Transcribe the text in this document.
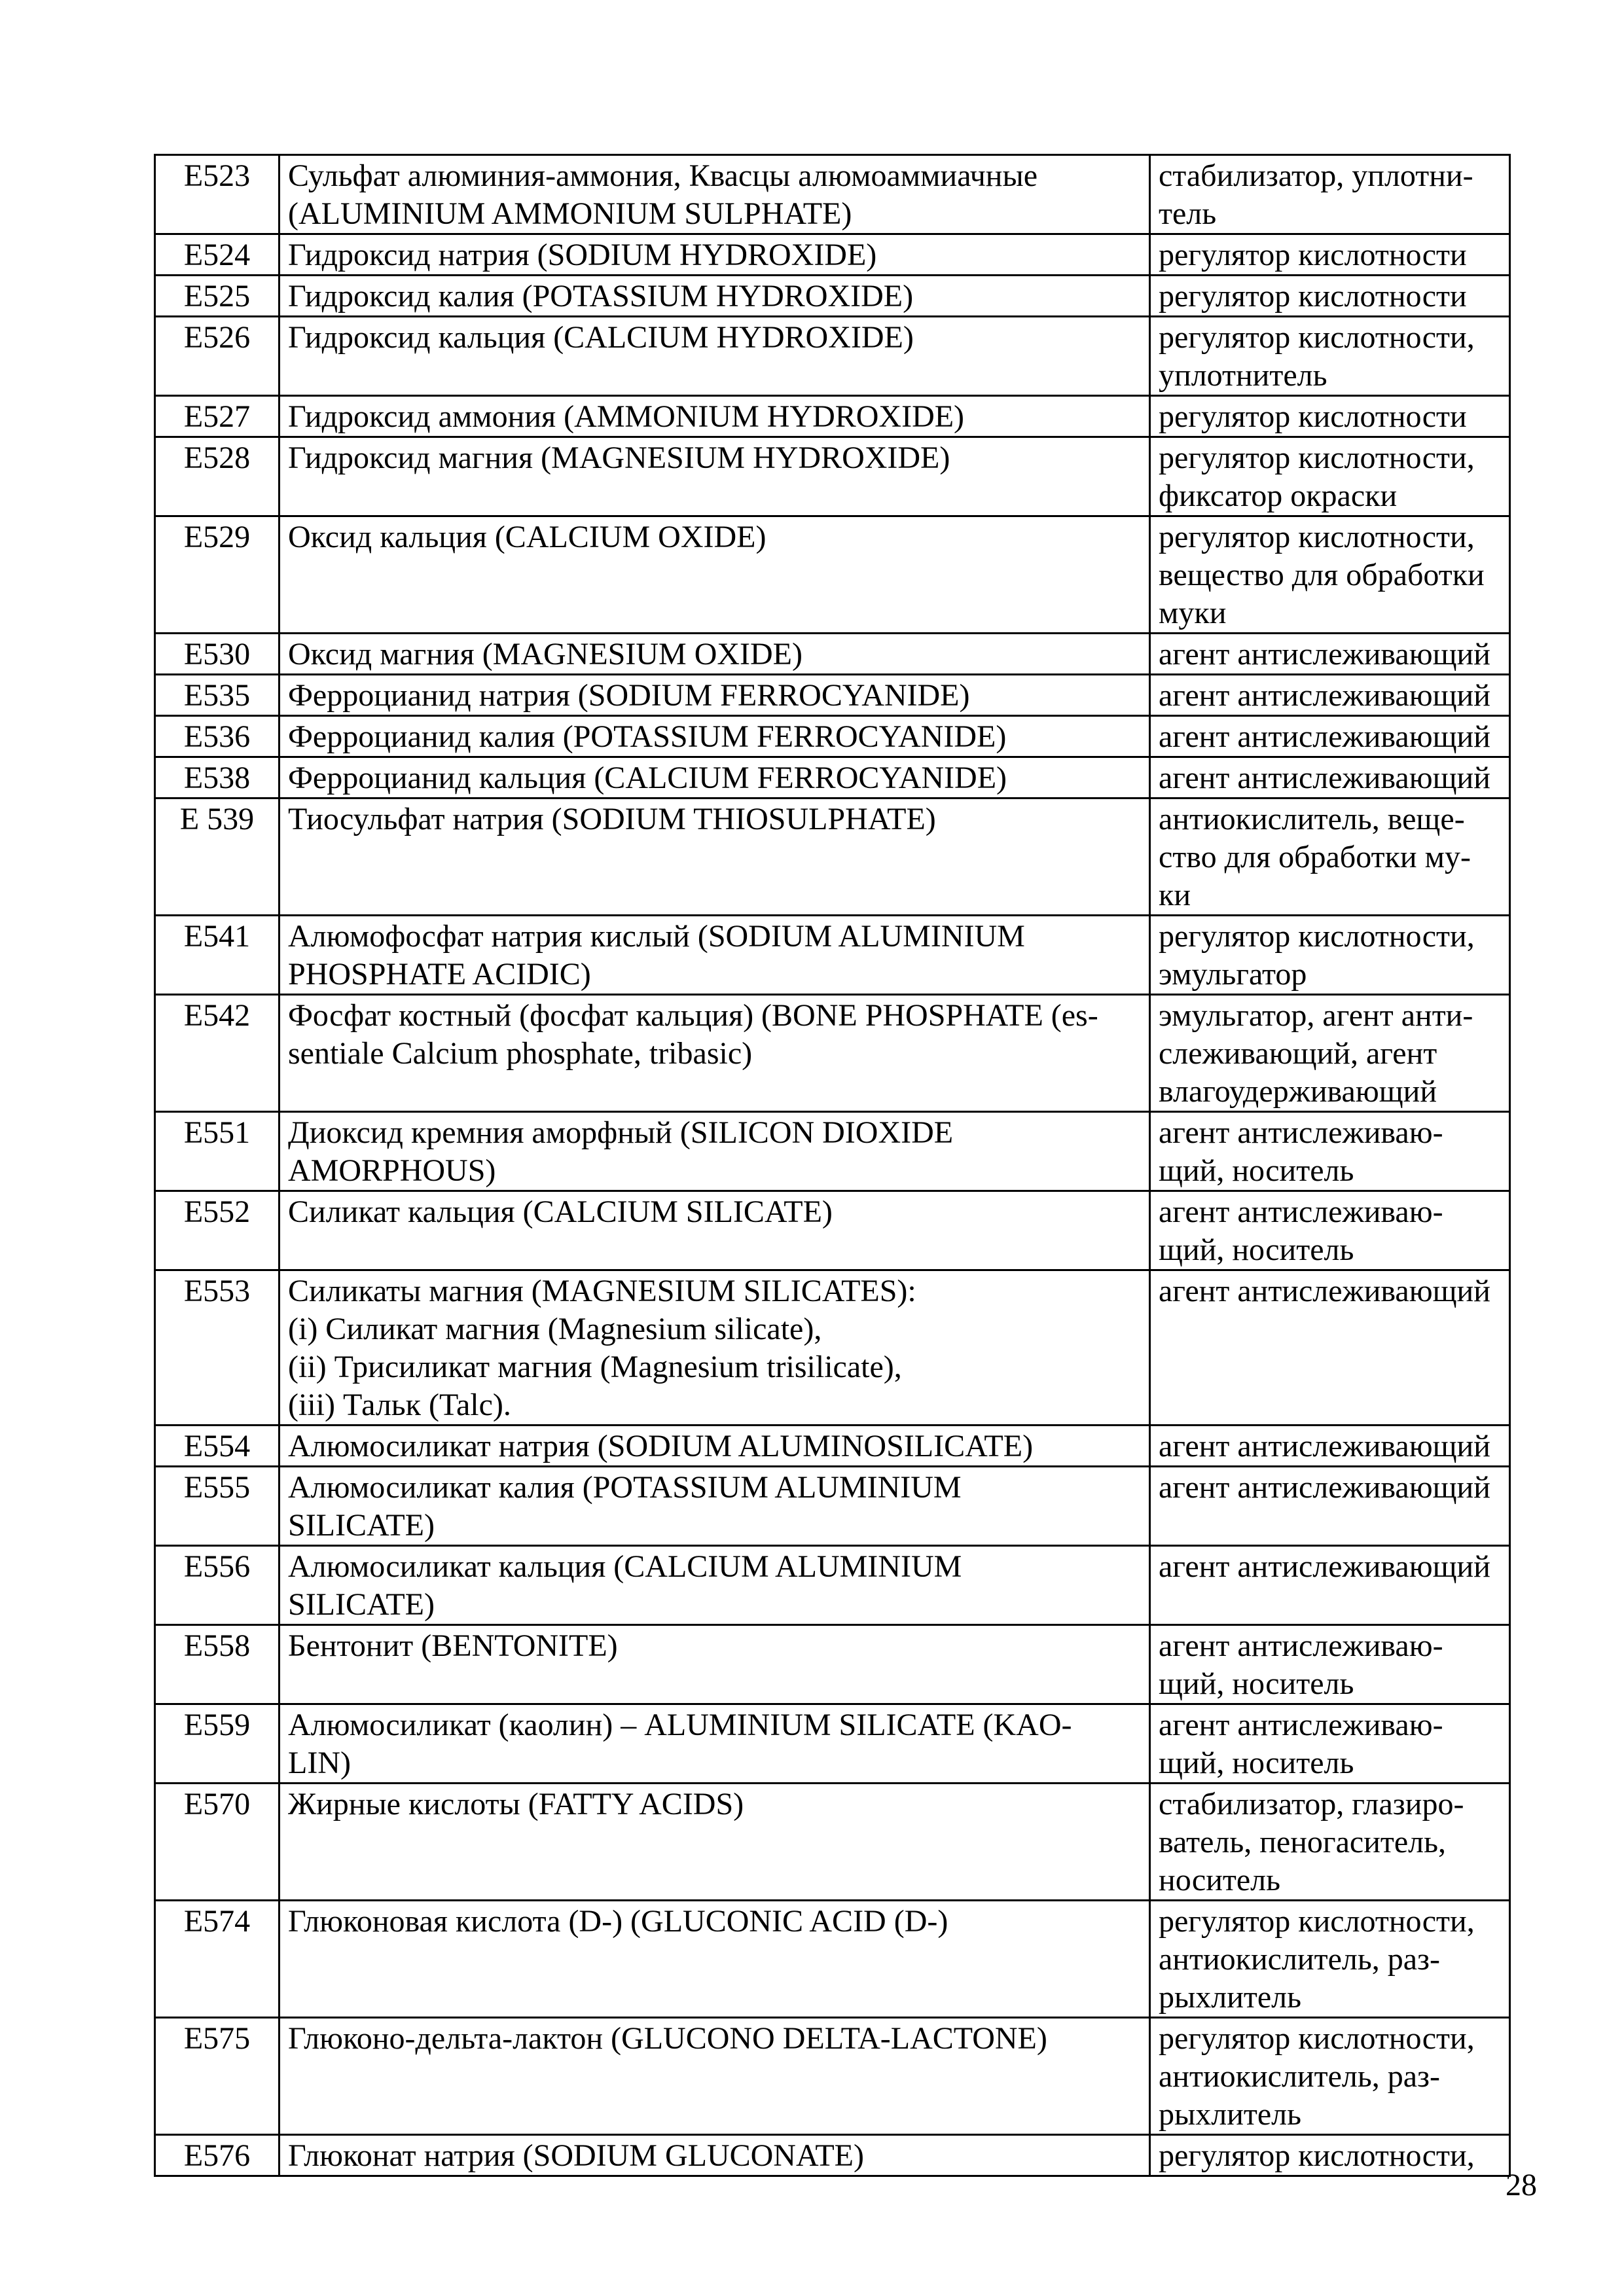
E523	Сульфат алюминия-аммония, Квасцы алюмоаммиачные
(ALUMINIUM AMMONIUM SULPHATE)	стабилизатор, уплотни-
тель
E524	Гидроксид натрия (SODIUM HYDROXIDE)	регулятор кислотности
E525	Гидроксид калия (POTASSIUM HYDROXIDE)	регулятор кислотности
E526	Гидроксид кальция (CALCIUM HYDROXIDE)	регулятор кислотности,
уплотнитель
E527	Гидроксид аммония (AMMONIUM HYDROXIDE)	регулятор кислотности
E528	Гидроксид магния (MAGNESIUM HYDROXIDE)	регулятор кислотности,
фиксатор окраски
E529	Оксид кальция (CALCIUM OXIDE)	регулятор кислотности,
вещество для обработки
муки
E530	Оксид магния (MAGNESIUM OXIDE)	агент антислеживающий
E535	Ферроцианид натрия (SODIUM FERROCYANIDE)	агент антислеживающий
E536	Ферроцианид калия (POTASSIUM FERROCYANIDE)	агент антислеживающий
E538	Ферроцианид кальция (CALCIUM FERROCYANIDE)	агент антислеживающий
E 539	Тиосульфат натрия (SODIUM THIOSULPHATE)	антиокислитель, веще-
ство для обработки му-
ки
E541	Алюмофосфат натрия кислый (SODIUM ALUMINIUM
PHOSPHATE ACIDIC)	регулятор кислотности,
эмульгатор
E542	Фосфат костный (фосфат кальция) (BONE PHOSPHATE (es-
sentiale Calcium phosphate, tribasic)	эмульгатор, агент анти-
слеживающий, агент
влагоудерживающий
E551	Диоксид кремния аморфный (SILICON DIOXIDE
AMORPHOUS)	агент антислеживаю-
щий, носитель
E552	Силикат кальция (CALCIUM SILICATE)	агент антислеживаю-
щий, носитель
E553	Силикаты магния (MAGNESIUM SILICATES):
(i) Силикат магния (Magnesium silicate),
(ii) Трисиликат магния (Magnesium trisilicate),
(iii) Тальк (Talc).	агент антислеживающий
E554	Алюмосиликат натрия (SODIUM ALUMINOSILICATE)	агент антислеживающий
E555	Алюмосиликат калия (POTASSIUM ALUMINIUM
SILICATE)	агент антислеживающий
E556	Алюмосиликат кальция (CALCIUM ALUMINIUM
SILICATE)	агент антислеживающий
E558	Бентонит (BENTONITE)	агент антислеживаю-
щий, носитель
E559	Алюмосиликат (каолин) – ALUMINIUM SILICATE (KAO-
LIN)	агент антислеживаю-
щий, носитель
E570	Жирные кислоты (FATTY ACIDS)	стабилизатор, глазиро-
ватель, пеногаситель,
носитель
E574	Глюконовая кислота (D-) (GLUCONIC ACID (D-)	регулятор кислотности,
антиокислитель, раз-
рыхлитель
E575	Глюконо-дельта-лактон (GLUCONO DELTA-LACTONE)	регулятор кислотности,
антиокислитель, раз-
рыхлитель
E576	Глюконат натрия (SODIUM GLUCONATE)	регулятор кислотности,
28
